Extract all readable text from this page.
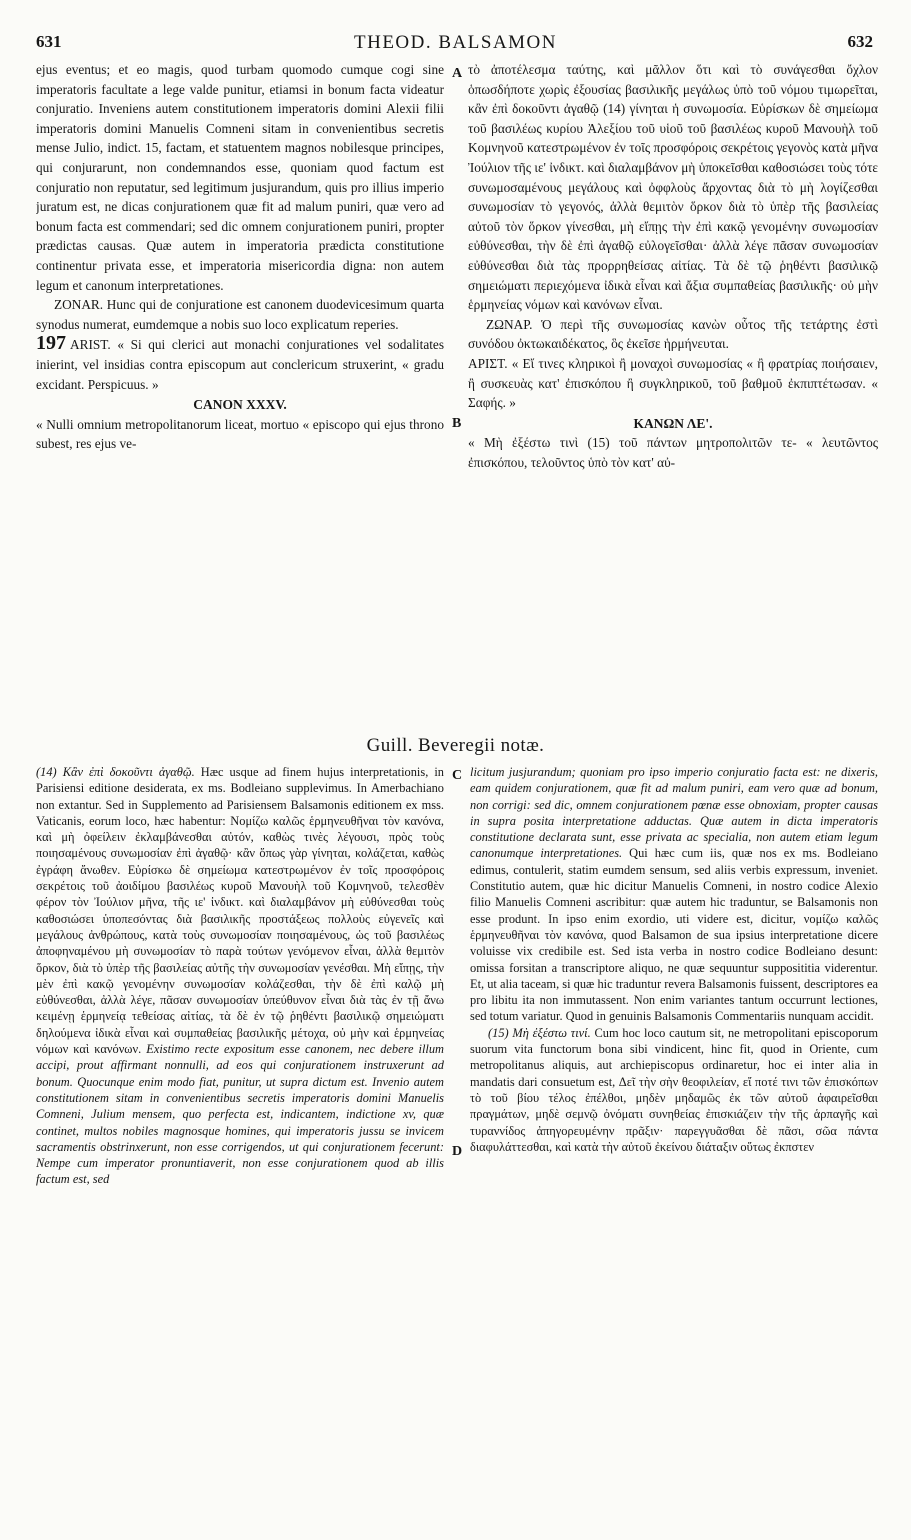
631	THEOD. BALSAMON	632

ejus eventus; et eo magis, quod turbam quomodo cumque cogi sine imperatoris facultate a lege valde punitur, etiamsi in bonum facta videatur conjuratio. Inveniens autem constitutionem imperatoris domini Alexii filii imperatoris domini Manuelis Comneni sitam in convenientibus secretis mense Julio, indict. 15, factam, et statuentem magnos nobilesque principes, qui conjurarunt, non condemnandos esse, quoniam quod factum est conjuratio non reputatur, sed legitimum jusjurandum, quis pro illius imperio juratum est, ne dicas conjurationem quæ fit ad malum puniri, quæ vero ad bonum facta est commendari; sed dic omnem conjurationem puniri, propter prædictas causas. Quæ autem in imperatoria prædicta constitutione continentur privata esse, et imperatoria misericordia digna: non autem legum et canonum interpretationes.

ZONAR. Hunc qui de conjuratione est canonem duodevicesimum quarta synodus numerat, eumdemque a nobis suo loco explicatum reperies.

197 ARIST. « Si qui clerici aut monachi conjurationes vel sodalitates inierint, vel insidias contra episcopum aut conclericum struxerint, « gradu excidant. Perspicuus. »

CANON XXXV.

« Nulli omnium metropolitanorum liceat, mortuo « episcopo qui ejus throno subest, res ejus ve-

A
B

τὸ ἀποτέλεσμα ταύτης, καὶ μᾶλλον ὅτι καὶ τὸ συνάγεσθαι ὄχλον ὁπωσδήποτε χωρὶς ἐξουσίας βασιλικῆς μεγάλως ὑπὸ τοῦ νόμου τιμωρεῖται, κἂν ἐπὶ δοκοῦντι ἀγαθῷ (14) γίνηται ἡ συνωμοσία. Εὑρίσκων δὲ σημείωμα τοῦ βασιλέως κυρίου Ἀλεξίου τοῦ υἱοῦ τοῦ βασιλέως κυροῦ Μανουὴλ τοῦ Κομνηνοῦ κατεστρωμένον ἐν τοῖς προσφόροις σεκρέτοις γεγονὸς κατὰ μῆνα Ἰούλιον τῆς ιε' ἰνδικτ. καὶ διαλαμβάνον μὴ ὑποκεῖσθαι καθοσιώσει τοὺς τότε συνωμοσαμένους μεγάλους καὶ ὀφφλοὺς ἄρχοντας διὰ τὸ μὴ λογίζεσθαι συνωμοσίαν τὸ γεγονός, ἀλλὰ θεμιτὸν ὅρκον διὰ τὸ ὑπὲρ τῆς βασιλείας αὐτοῦ τὸν ὅρκον γίνεσθαι, μὴ εἴπῃς τὴν ἐπὶ κακῷ γενομένην συνωμοσίαν εὐθύνεσθαι, τὴν δὲ ἐπὶ ἀγαθῷ εὐλογεῖσθαι· ἀλλὰ λέγε πᾶσαν συνωμοσίαν εὐθύνεσθαι διὰ τὰς προρρηθείσας αἰτίας. Τὰ δὲ τῷ ῥηθέντι βασιλικῷ σημειώματι περιεχόμενα ἰδικὰ εἶναι καὶ ἄξια συμπαθείας βασιλικῆς· οὐ μὴν ἑρμηνείας νόμων καὶ κανόνων εἶναι.

ΖΩΝΑΡ. Ὁ περὶ τῆς συνωμοσίας κανὼν οὗτος τῆς τετάρτης ἐστὶ συνόδου ὀκτωκαιδέκατος, ὃς ἐκεῖσε ἡρμήνευται.

ΑΡΙΣΤ. « Εἴ τινες κληρικοὶ ἢ μοναχοὶ συνωμοσίας « ἢ φρατρίας ποιήσαιεν, ἢ συσκευὰς κατ' ἐπισκόπου ἢ συγκληρικοῦ, τοῦ βαθμοῦ ἐκπιπτέτωσαν. « Σαφής. »

ΚΑΝΩΝ ΛΕ'.

« Μὴ ἐξέστω τινὶ (15) τοῦ πάντων μητροπολιτῶν τε- « λευτῶντος ἐπισκόπου, τελοῦντος ὑπὸ τὸν κατ' αὐ-

Guill. Beveregii notæ.

(14) Κἂν ἐπὶ δοκοῦντι ἀγαθῷ. Hæc usque ad finem hujus interpretationis, in Parisiensi editione desiderata, ex ms. Bodleiano supplevimus. In Amerbachiano non extantur. Sed in Supplemento ad Parisiensem Balsamonis editionem ex mss. Vaticanis, eorum loco, hæc habentur: Νομίζω καλῶς ἑρμηνευθῆναι τὸν κανόνα, καὶ μὴ ὀφείλειν ἐκλαμβάνεσθαι αὐτόν, καθὼς τινὲς λέγουσι, πρὸς τοὺς ποιησαμένους συνωμοσίαν ἐπὶ ἀγαθῷ· κἂν ὅπως γὰρ γίνηται, κολάζεται, καθὼς ἐγράφη ἄνωθεν. Εὑρίσκω δὲ σημείωμα κατεστρωμένον ἐν τοῖς προσφόροις σεκρέτοις τοῦ ἀοιδίμου βασιλέως κυροῦ Μανουὴλ τοῦ Κομνηνοῦ, τελεσθὲν φέρον τὸν Ἰούλιον μῆνα, τῆς ιε' ἰνδικτ. καὶ διαλαμβάνον μὴ εὐθύνεσθαι τοὺς καθοσιώσει ὑποπεσόντας διὰ βασιλικῆς προστάξεως πολλοὺς εὐγενεῖς καὶ μεγάλους ἀνθρώπους, κατὰ τοὺς συνωμοσίαν ποιησαμένους, ὡς τοῦ βασιλέως ἀποφηναμένου μὴ συνωμοσίαν τὸ παρὰ τούτων γενόμενον εἶναι, ἀλλὰ θεμιτὸν ὅρκον, διὰ τὸ ὑπὲρ τῆς βασιλείας αὐτῆς τὴν συνωμοσίαν γενέσθαι. Μὴ εἴπῃς, τὴν μὲν ἐπὶ κακῷ γενομένην συνωμοσίαν κολάζεσθαι, τὴν δὲ ἐπὶ καλῷ μὴ εὐθύνεσθαι, ἀλλὰ λέγε, πᾶσαν συνωμοσίαν ὑπεύθυνον εἶναι διὰ τὰς ἐν τῇ ἄνω κειμένῃ ἑρμηνείᾳ τεθείσας αἰτίας, τὰ δὲ ἐν τῷ ῥηθέντι βασιλικῷ σημειώματι δηλούμενα ἰδικὰ εἶναι καὶ συμπαθείας βασιλικῆς μέτοχα, οὐ μὴν καὶ ἑρμηνείας νόμων καὶ κανόνων. Existimo recte expositum esse canonem, nec debere illum accipi, prout affirmant nonnulli, ad eos qui conjurationem instruxerunt ad bonum. Quocunque enim modo fiat, punitur, ut supra dictum est. Invenio autem constitutionem sitam in convenientibus secretis imperatoris domini Manuelis Comneni, Julium mensem, quo perfecta est, indicantem, indictione xv, quæ continet, multos nobiles magnosque homines, qui imperatoris jussu se invicem sacramentis obstrinxerunt, non esse corrigendos, ut qui conjurationem fecerunt: Nempe cum imperator pronuntiaverit, non esse conjurationem quod ab illis factum est, sed

C
D

licitum jusjurandum; quoniam pro ipso imperio conjuratio facta est: ne dixeris, eam quidem conjurationem, quæ fit ad malum puniri, eam vero quæ ad bonum, non corrigi: sed dic, omnem conjurationem pœnæ esse obnoxiam, propter causas in supra posita interpretatione adductas. Quæ autem in dicta imperatoris constitutione declarata sunt, esse privata ac specialia, non autem etiam legum canonumque interpretationes. Qui hæc cum iis, quæ nos ex ms. Bodleiano edimus, contulerit, statim eumdem sensum, sed aliis verbis expressum, inveniet. Constitutio autem, quæ hic dicitur Manuelis Comneni, in nostro codice Alexio filio Manuelis Comneni ascribitur: quæ autem hic traduntur, se Balsamonis non esse produnt. In ipso enim exordio, uti videre est, dicitur, νομίζω καλῶς ἑρμηνευθῆναι τὸν κανόνα, quod Balsamon de sua ipsius interpretatione dicere voluisse vix credibile est. Sed ista verba in nostro codice Bodleiano desunt: omissa forsitan a transcriptore aliquo, ne quæ sequuntur supposititia viderentur. Et, ut alia taceam, si quæ hic traduntur revera Balsamonis fuissent, descriptores ea pro libitu ita non immutassent. Non enim variantes tantum occurrunt lectiones, sed totum variatur. Quod in genuinis Balsamonis Commentariis nunquam accidit.

(15) Μὴ ἐξέστω τινί. Cum hoc loco cautum sit, ne metropolitani episcoporum suorum vita functorum bona sibi vindicent, hinc fit, quod in Oriente, cum metropolitanus aliquis, aut archiepiscopus ordinaretur, hoc ei inter alia in mandatis dari consuetum est, Δεῖ τὴν σὴν θεοφιλείαν, εἴ ποτέ τινι τῶν ἐπισκόπων τὸ τοῦ βίου τέλος ἐπέλθοι, μηδὲν μηδαμῶς ἐκ τῶν αὐτοῦ ἀφαιρεῖσθαι πραγμάτων, μηδὲ σεμνῷ ὀνόματι συνηθείας ἐπισκιάζειν τὴν τῆς ἁρπαγῆς καὶ τυραννίδος ἀπηγορευμένην πρᾶξιν· παρεγγυᾶσθαι δὲ πᾶσι, σῶα πάντα διαφυλάττεσθαι, καὶ κατὰ τὴν αὐτοῦ ἐκείνου διάταξιν οὕτως ἐκπστεν
